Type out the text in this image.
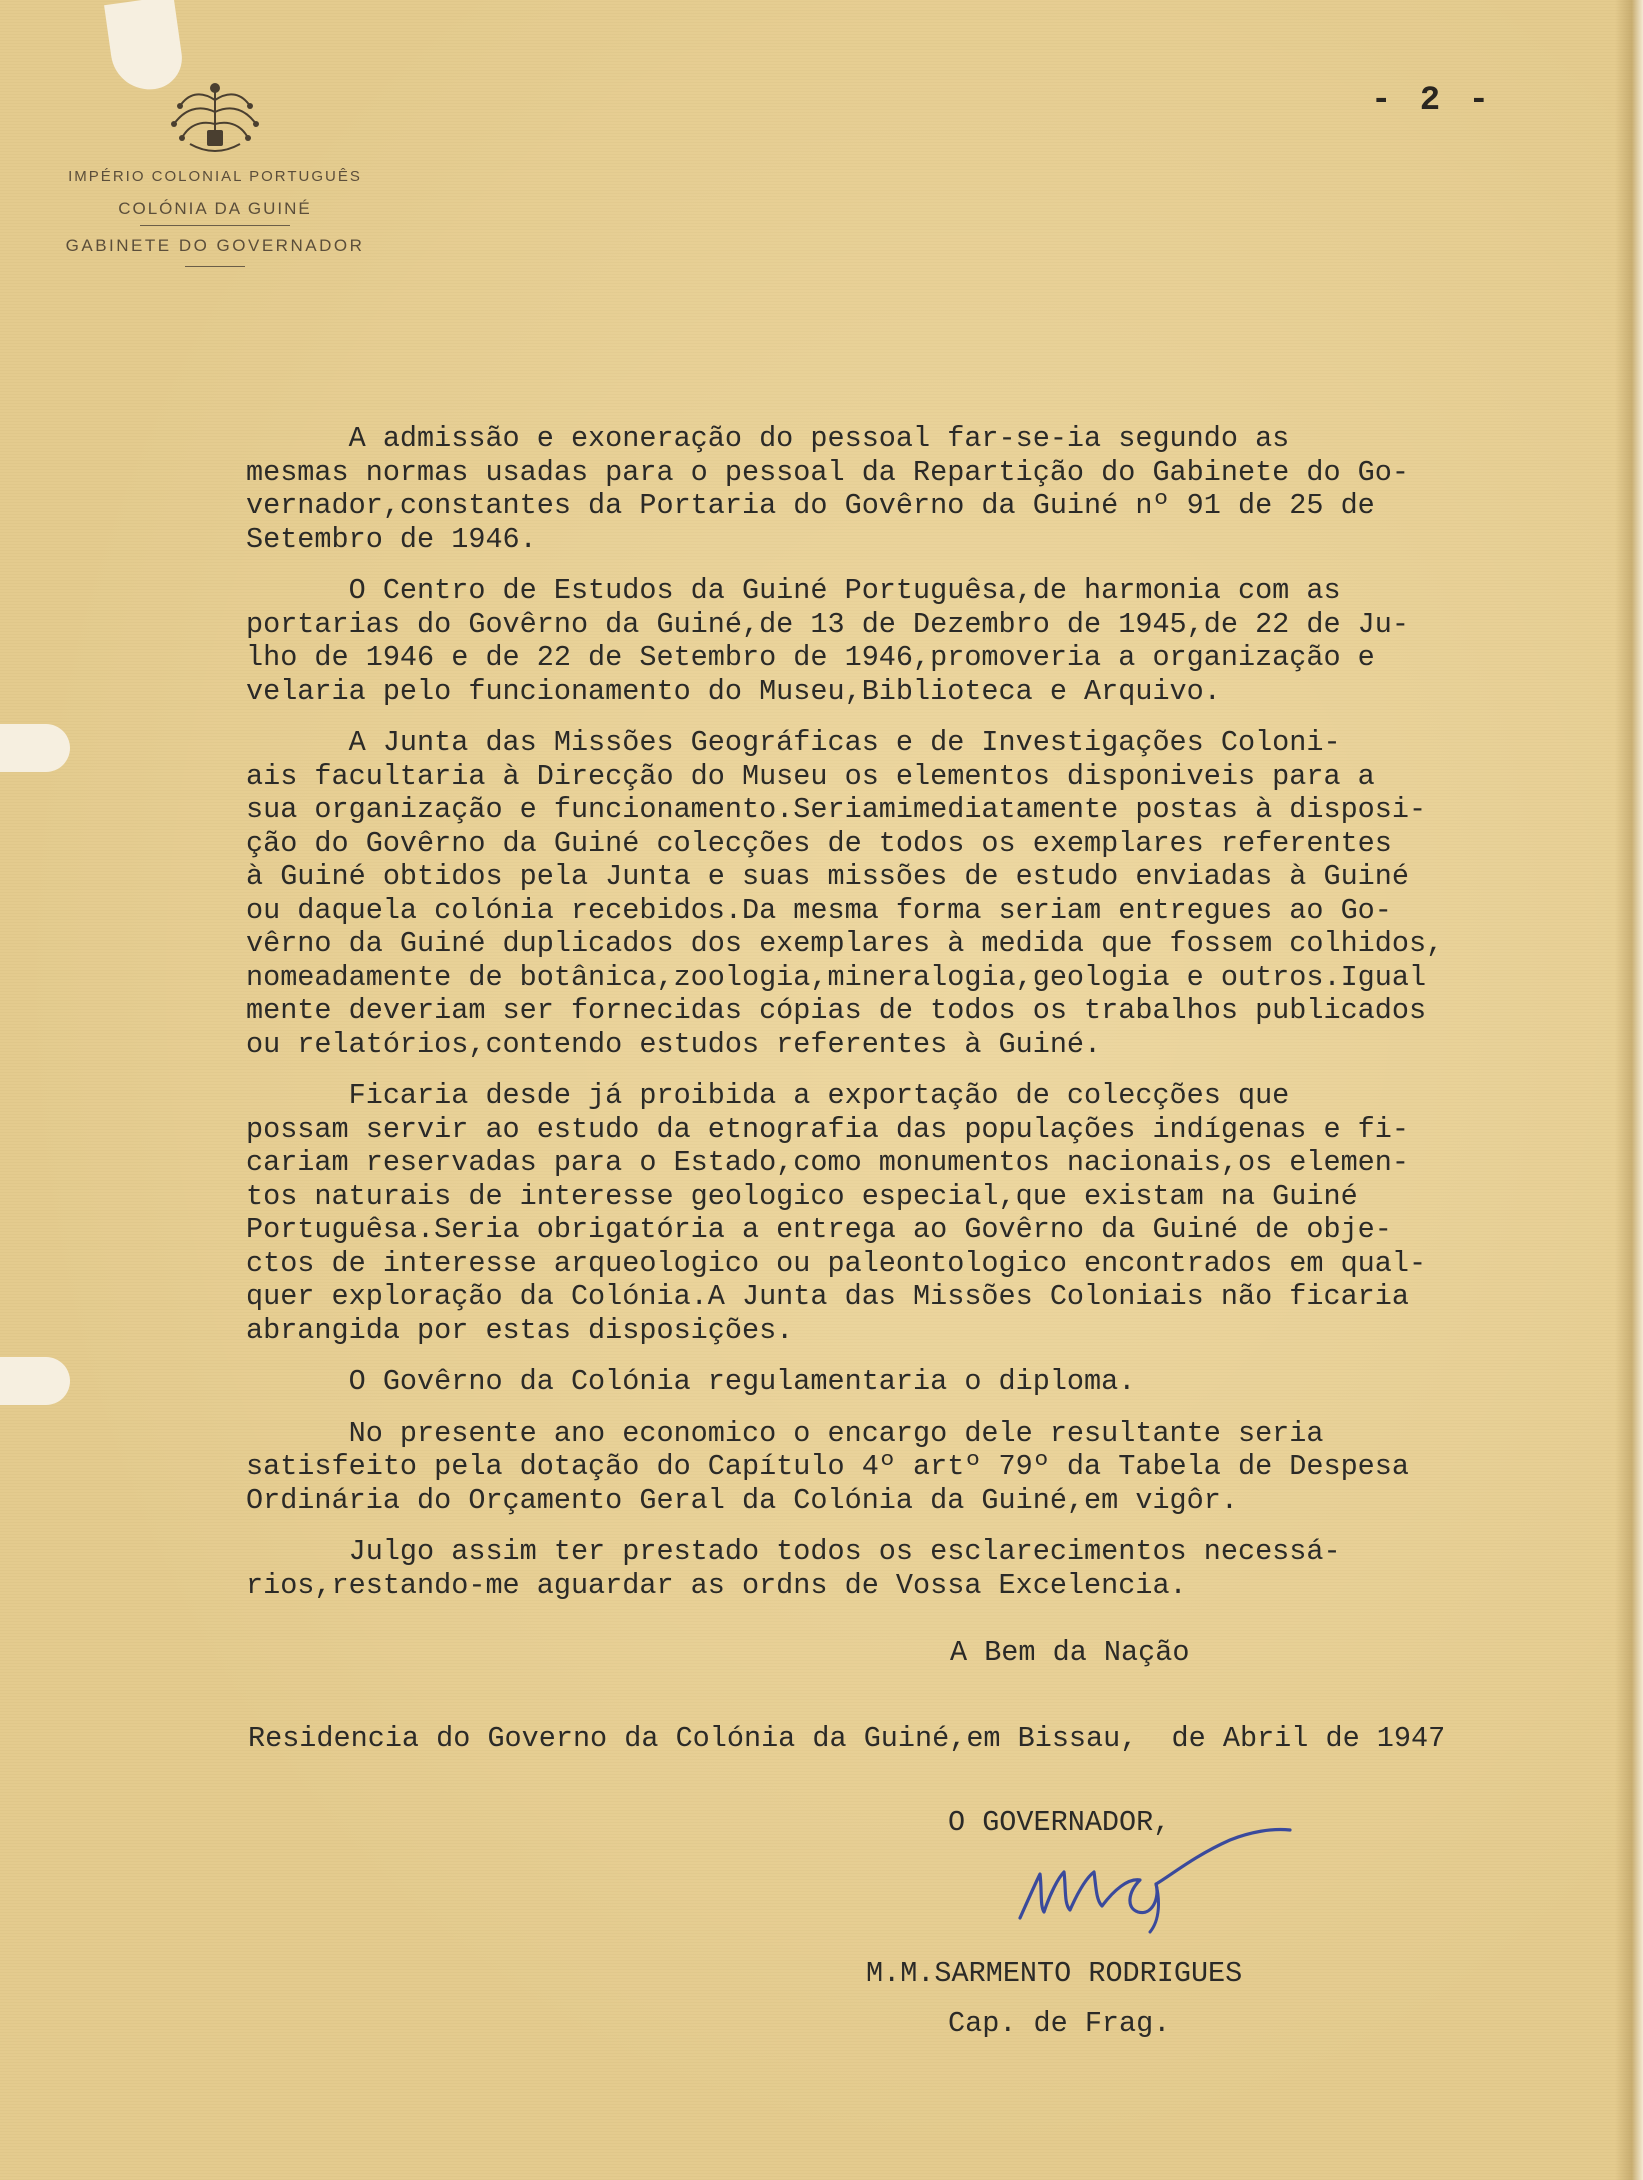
IMPÉRIO COLONIAL PORTUGUÊS
COLÓNIA DA GUINÉ
GABINETE DO GOVERNADOR
- 2 -

A admissão e exoneração do pessoal far-se-ia segundo as
mesmas normas usadas para o pessoal da Repartição do Gabinete do Go-
vernador,constantes da Portaria do Govêrno da Guiné nº 91 de 25 de
Setembro de 1946.

O Centro de Estudos da Guiné Portuguêsa,de harmonia com as
portarias do Govêrno da Guiné,de 13 de Dezembro de 1945,de 22 de Ju-
lho de 1946 e de 22 de Setembro de 1946,promoveria a organização e
velaria pelo funcionamento do Museu,Biblioteca e Arquivo.

A Junta das Missões Geográficas e de Investigações Coloni-
ais facultaria à Direcção do Museu os elementos disponiveis para a
sua organização e funcionamento.Seriamimediatamente postas à disposi-
ção do Govêrno da Guiné colecções de todos os exemplares referentes
à Guiné obtidos pela Junta e suas missões de estudo enviadas à Guiné
ou daquela colónia recebidos.Da mesma forma seriam entregues ao Go-
vêrno da Guiné duplicados dos exemplares à medida que fossem colhidos,
nomeadamente de botânica,zoologia,mineralogia,geologia e outros.Igual
mente deveriam ser fornecidas cópias de todos os trabalhos publicados
ou relatórios,contendo estudos referentes à Guiné.

Ficaria desde já proibida a exportação de colecções que
possam servir ao estudo da etnografia das populações indígenas e fi-
cariam reservadas para o Estado,como monumentos nacionais,os elemen-
tos naturais de interesse geologico especial,que existam na Guiné
Portuguêsa.Seria obrigatória a entrega ao Govêrno da Guiné de obje-
ctos de interesse arqueologico ou paleontologico encontrados em qual-
quer exploração da Colónia.A Junta das Missões Coloniais não ficaria
abrangida por estas disposições.

O Govêrno da Colónia regulamentaria o diploma.

No presente ano economico o encargo dele resultante seria
satisfeito pela dotação do Capítulo 4º artº 79º da Tabela de Despesa
Ordinária do Orçamento Geral da Colónia da Guiné,em vigôr.

Julgo assim ter prestado todos os esclarecimentos necessá-
rios,restando-me aguardar as ordns de Vossa Excelencia.

A Bem da Nação
Residencia do Governo da Colónia da Guiné,em Bissau,  de Abril de 1947
O GOVERNADOR,
M.M.SARMENTO RODRIGUES
Cap. de Frag.
